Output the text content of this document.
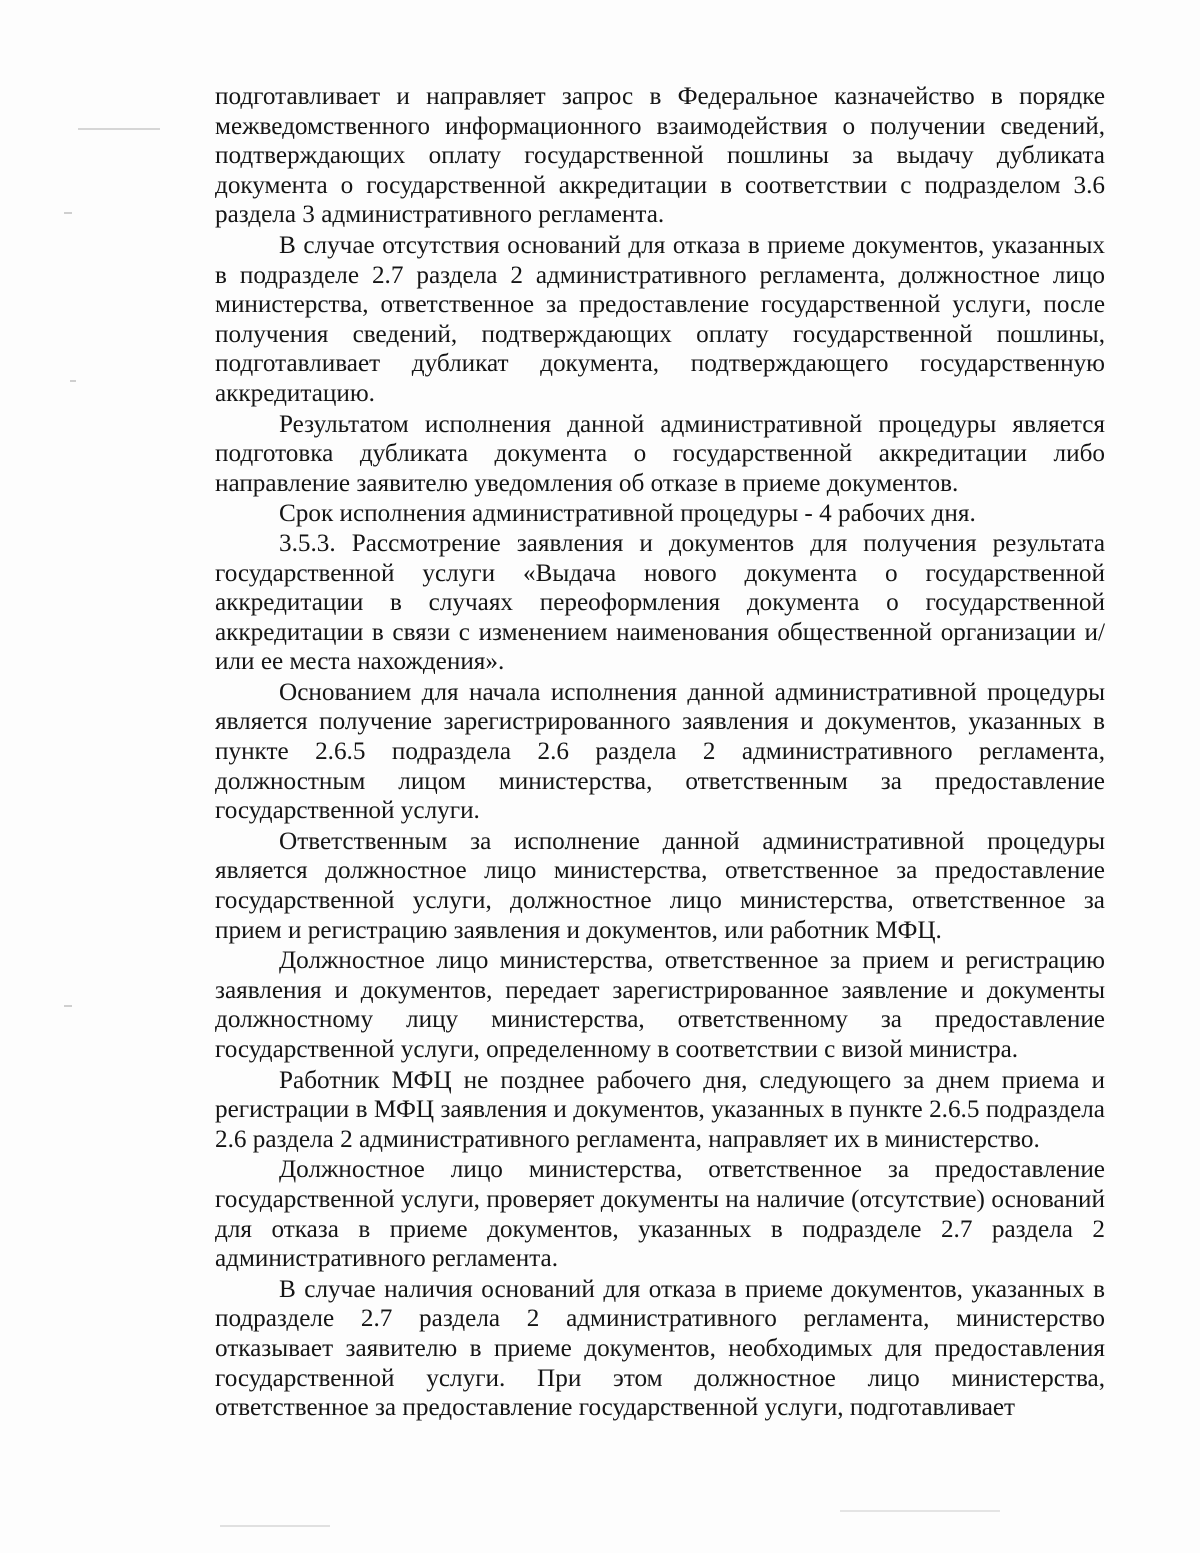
подготавливает и направляет запрос в Федеральное казначейство в порядке межведомственного информационного взаимодействия о получении сведений, подтверждающих оплату государственной пошлины за выдачу дубликата документа о государственной аккредитации в соответствии с подразделом 3.6 раздела 3 административного регламента.

В случае отсутствия оснований для отказа в приеме документов, указанных в подразделе 2.7 раздела 2 административного регламента, должностное лицо министерства, ответственное за предоставление государственной услуги, после получения сведений, подтверждающих оплату государственной пошлины, подготавливает дубликат документа, подтверждающего государственную аккредитацию.

Результатом исполнения данной административной процедуры является подготовка дубликата документа о государственной аккредитации либо направление заявителю уведомления об отказе в приеме документов.

Срок исполнения административной процедуры - 4 рабочих дня.

3.5.3. Рассмотрение заявления и документов для получения результата государственной услуги «Выдача нового документа о государственной аккредитации в случаях переоформления документа о государственной аккредитации в связи с изменением наименования общественной организации и/или ее места нахождения».

Основанием для начала исполнения данной административной процедуры является получение зарегистрированного заявления и документов, указанных в пункте 2.6.5 подраздела 2.6 раздела 2 административного регламента, должностным лицом министерства, ответственным за предоставление государственной услуги.

Ответственным за исполнение данной административной процедуры является должностное лицо министерства, ответственное за предоставление государственной услуги, должностное лицо министерства, ответственное за прием и регистрацию заявления и документов, или работник МФЦ.

Должностное лицо министерства, ответственное за прием и регистрацию заявления и документов, передает зарегистрированное заявление и документы должностному лицу министерства, ответственному за предоставление государственной услуги, определенному в соответствии с визой министра.

Работник МФЦ не позднее рабочего дня, следующего за днем приема и регистрации в МФЦ заявления и документов, указанных в пункте 2.6.5 подраздела 2.6 раздела 2 административного регламента, направляет их в министерство.

Должностное лицо министерства, ответственное за предоставление государственной услуги, проверяет документы на наличие (отсутствие) оснований для отказа в приеме документов, указанных в подразделе 2.7 раздела 2 административного регламента.

В случае наличия оснований для отказа в приеме документов, указанных в подразделе 2.7 раздела 2 административного регламента, министерство отказывает заявителю в приеме документов, необходимых для предоставления государственной услуги. При этом должностное лицо министерства, ответственное за предоставление государственной услуги, подготавливает
